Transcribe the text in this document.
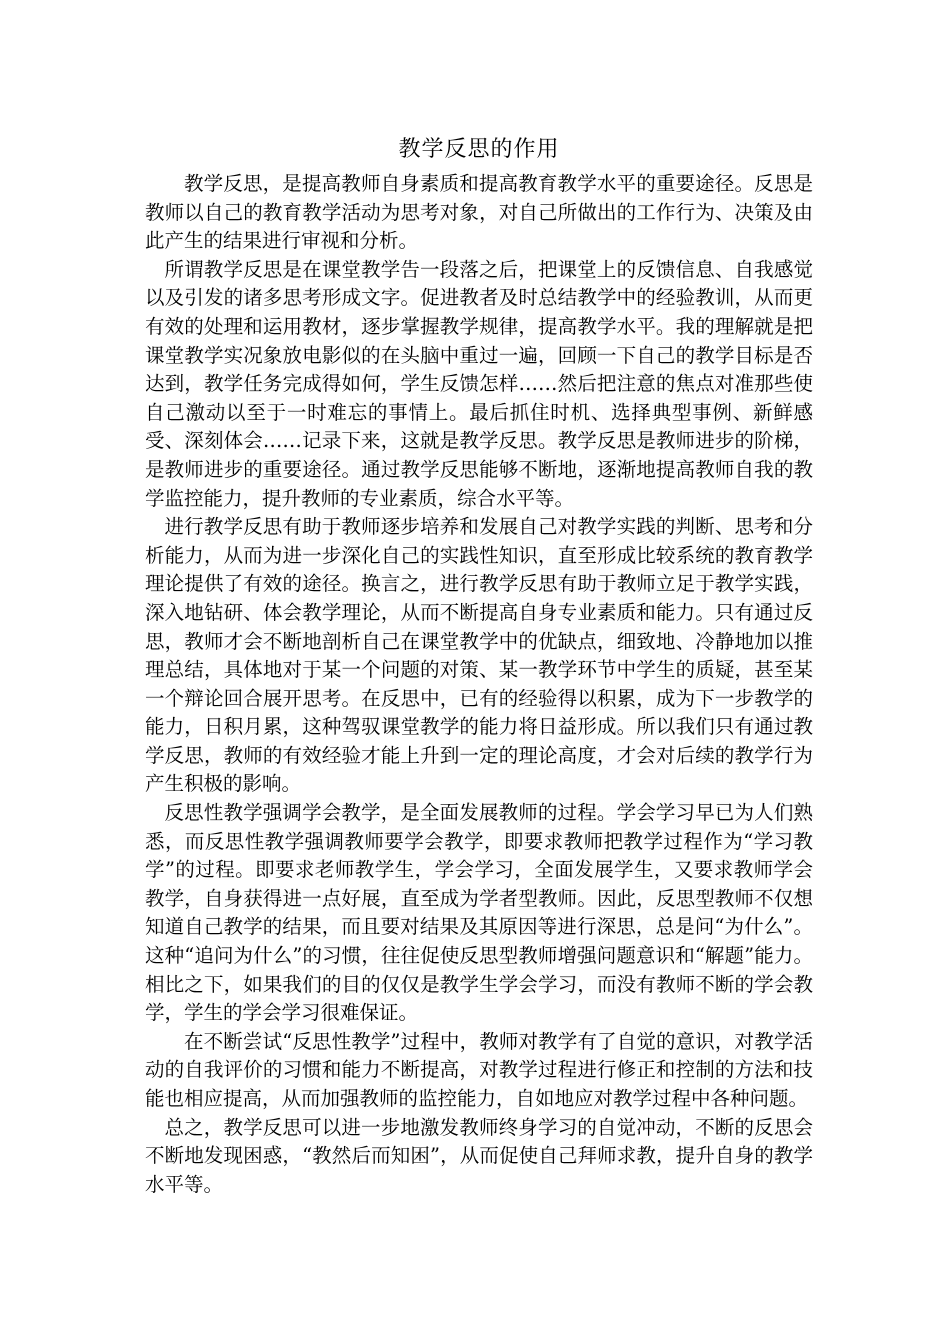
教学反思的作用

教学反思，是提高教师自身素质和提高教育教学水平的重要途径。反思是教师以自己的教育教学活动为思考对象，对自己所做出的工作行为、决策及由此产生的结果进行审视和分析。

所谓教学反思是在课堂教学告一段落之后，把课堂上的反馈信息、自我感觉以及引发的诸多思考形成文字。促进教者及时总结教学中的经验教训，从而更有效的处理和运用教材，逐步掌握教学规律，提高教学水平。我的理解就是把课堂教学实况象放电影似的在头脑中重过一遍，回顾一下自己的教学目标是否达到，教学任务完成得如何，学生反馈怎样……然后把注意的焦点对准那些使自己激动以至于一时难忘的事情上。最后抓住时机、选择典型事例、新鲜感受、深刻体会……记录下来，这就是教学反思。教学反思是教师进步的阶梯，是教师进步的重要途径。通过教学反思能够不断地，逐渐地提高教师自我的教学监控能力，提升教师的专业素质，综合水平等。

进行教学反思有助于教师逐步培养和发展自己对教学实践的判断、思考和分析能力，从而为进一步深化自己的实践性知识，直至形成比较系统的教育教学理论提供了有效的途径。换言之，进行教学反思有助于教师立足于教学实践，深入地钻研、体会教学理论，从而不断提高自身专业素质和能力。只有通过反思，教师才会不断地剖析自己在课堂教学中的优缺点，细致地、冷静地加以推理总结，具体地对于某一个问题的对策、某一教学环节中学生的质疑，甚至某一个辩论回合展开思考。在反思中，已有的经验得以积累，成为下一步教学的能力，日积月累，这种驾驭课堂教学的能力将日益形成。所以我们只有通过教学反思，教师的有效经验才能上升到一定的理论高度，才会对后续的教学行为产生积极的影响。

反思性教学强调学会教学，是全面发展教师的过程。学会学习早已为人们熟悉，而反思性教学强调教师要学会教学，即要求教师把教学过程作为“学习教学”的过程。即要求老师教学生，学会学习，全面发展学生，又要求教师学会教学，自身获得进一点好展，直至成为学者型教师。因此，反思型教师不仅想知道自己教学的结果，而且要对结果及其原因等进行深思，总是问“为什么”。这种“追问为什么”的习惯，往往促使反思型教师增强问题意识和“解题”能力。相比之下，如果我们的目的仅仅是教学生学会学习，而没有教师不断的学会教学，学生的学会学习很难保证。

在不断尝试“反思性教学”过程中，教师对教学有了自觉的意识，对教学活动的自我评价的习惯和能力不断提高，对教学过程进行修正和控制的方法和技能也相应提高，从而加强教师的监控能力，自如地应对教学过程中各种问题。

总之，教学反思可以进一步地激发教师终身学习的自觉冲动，不断的反思会不断地发现困惑，“教然后而知困”，从而促使自己拜师求教，提升自身的教学水平等。
